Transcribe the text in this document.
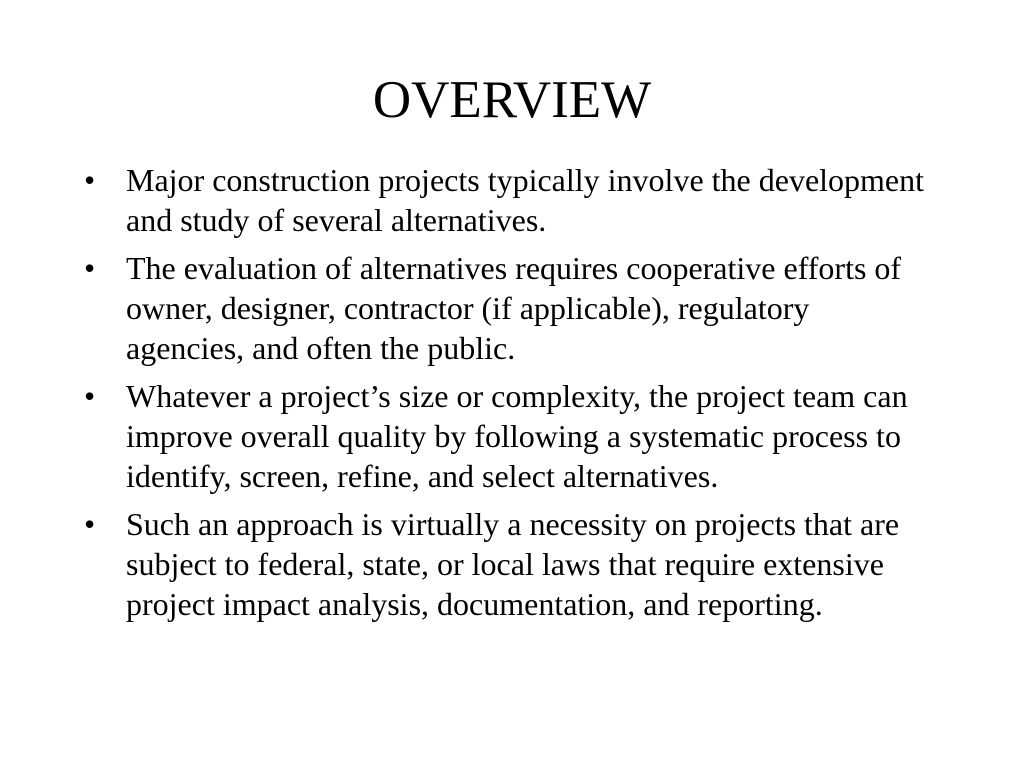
OVERVIEW
• Major construction projects typically involve the development and study of several alternatives.
• The evaluation of alternatives requires cooperative efforts of owner, designer, contractor (if applicable), regulatory agencies, and often the public.
• Whatever a project’s size or complexity, the project team can improve overall quality by following a systematic process to identify, screen, refine, and select alternatives.
• Such an approach is virtually a necessity on projects that are subject to federal, state, or local laws that require extensive project impact analysis, documentation, and reporting.
